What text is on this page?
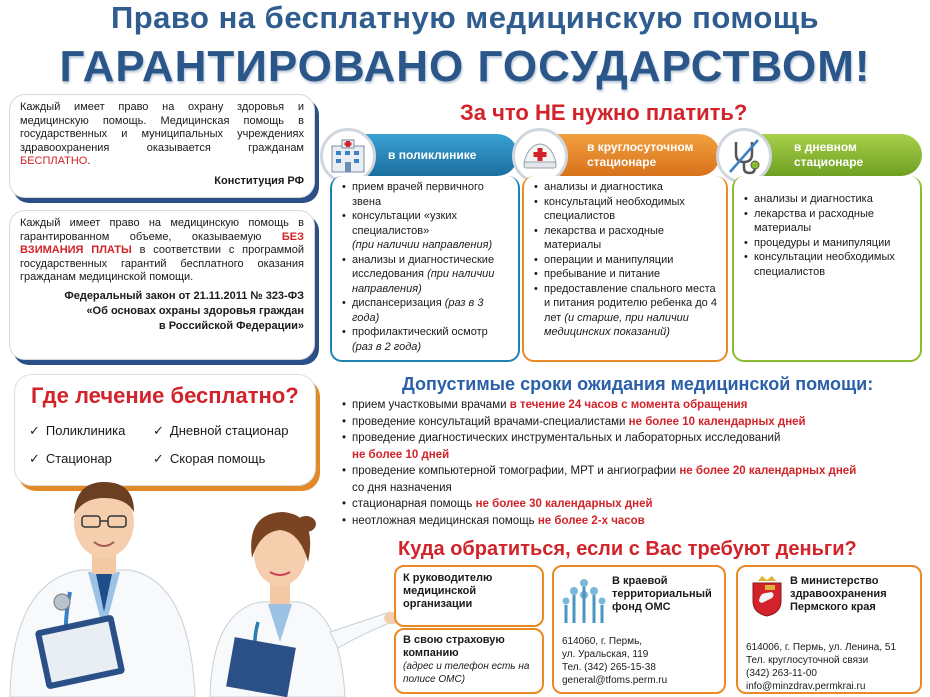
Право на бесплатную медицинскую помощь
ГАРАНТИРОВАНО ГОСУДАРСТВОМ!
Каждый имеет право на охрану здоровья и медицинскую помощь. Медицинская помощь в государственных и муниципальных учреждениях здравоохранения оказывается гражданам БЕСПЛАТНО.
Конституция РФ
Каждый имеет право на медицинскую помощь в гарантированном объеме, оказываемую БЕЗ ВЗИМАНИЯ ПЛАТЫ в соответствии с программой государственных гарантий бесплатного оказания гражданам медицинской помощи.
Федеральный закон от 21.11.2011 № 323-ФЗ
«Об основах охраны здоровья граждан
в Российской Федерации»
За что НЕ нужно платить?
в поликлинике
• прием врачей первичного звена
• консультации «узких специалистов»
(при наличии направления)
• анализы и диагностические исследования (при наличии направления)
• диспансеризация (раз в 3 года)
• профилактический осмотр
(раз в 2 года)
в круглосуточном стационаре
• анализы и диагностика
• консультаций необходимых специалистов
• лекарства и расходные материалы
• операции и манипуляции
• пребывание и питание
• предоставление спального места и питания родителю ребенка до 4 лет (и старше, при наличии медицинских показаний)
в дневном стационаре
• анализы и диагностика
• лекарства и расходные материалы
• процедуры и манипуляции
• консультации необходимых специалистов
Где лечение бесплатно?
✓ Поликлиника ✓ Дневной стационар
✓ Стационар	✓ Скорая помощь
Допустимые сроки ожидания медицинской помощи:
• прием участковыми врачами в течение 24 часов с момента обращения
• проведение консультаций врачами-специалистами не более 10 календарных дней
• проведение диагностических инструментальных и лабораторных исследований
не более 10 дней
• проведение компьютерной томографии, МРТ и ангиографии не более 20 календарных дней
со дня назначения
• стационарная помощь не более 30 календарных дней
• неотложная медицинская помощь не более 2-х часов
Куда обратиться, если с Вас требуют деньги?
К руководителю медицинской организации
В свою страховую компанию
(адрес и телефон есть на полисе ОМС)
В краевой территориальный фонд ОМС
614060, г. Пермь,
ул. Уральская, 119
Тел. (342) 265-15-38
general@tfoms.perm.ru
В министерство здравоохранения Пермского края
614006, г. Пермь, ул. Ленина, 51
Тел. круглосуточной связи
(342) 263-11-00
info@minzdrav.permkrai.ru
